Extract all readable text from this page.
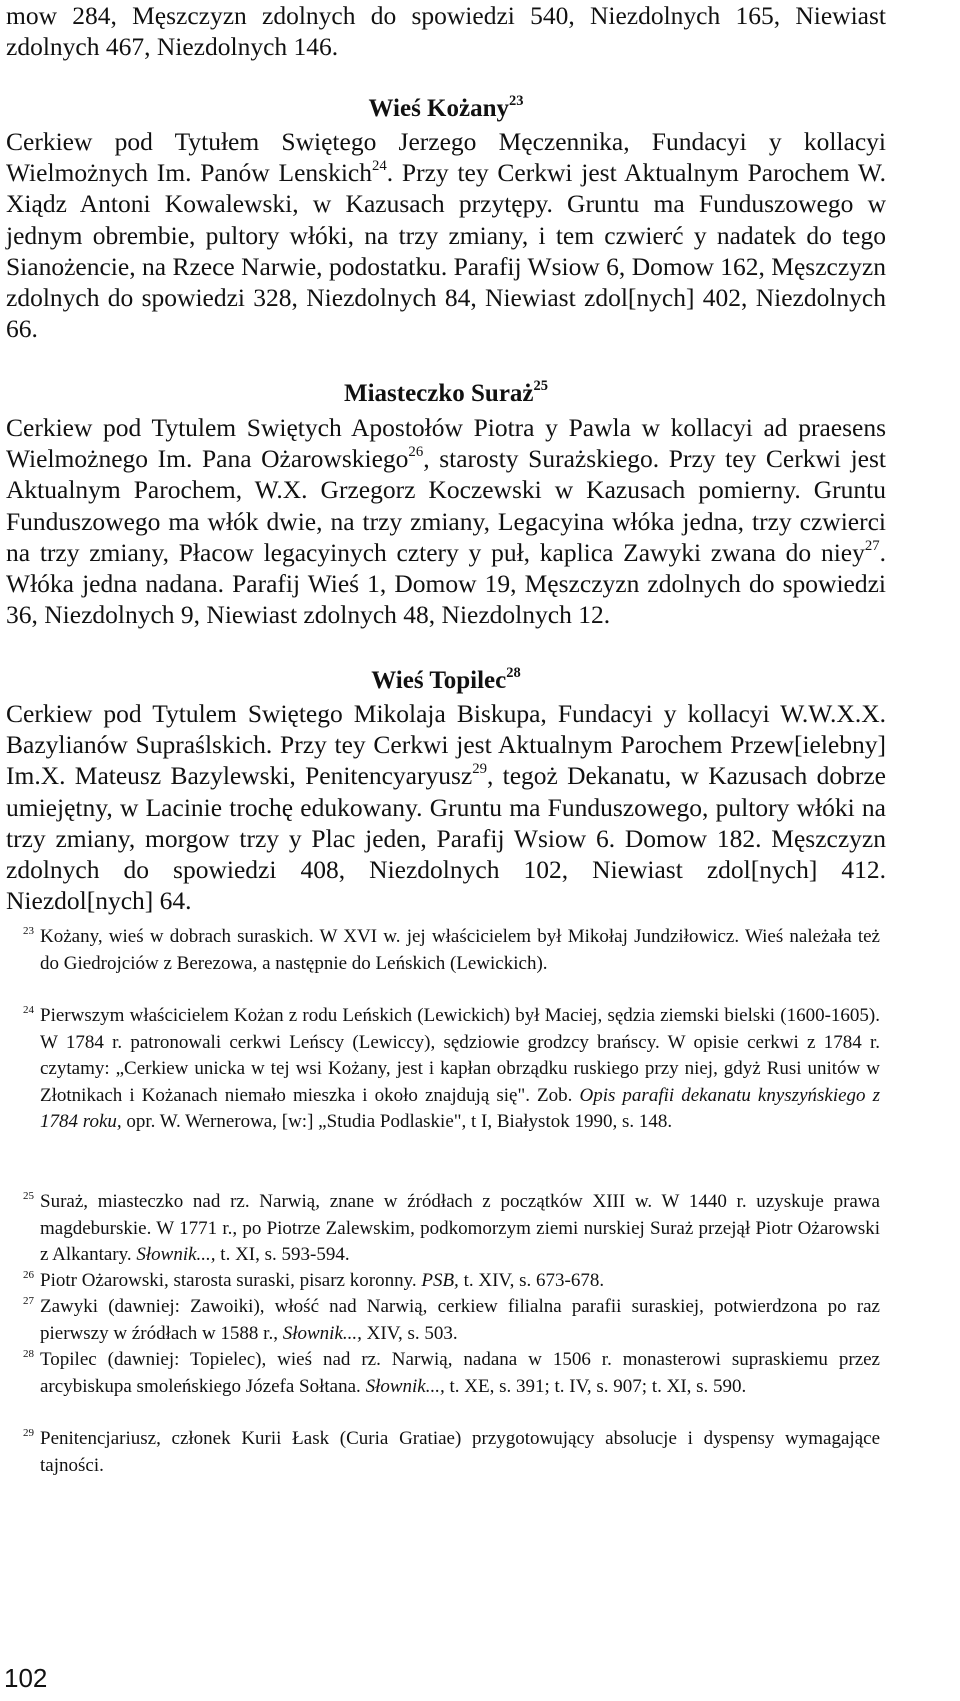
mow 284, Męszczyzn zdolnych do spowiedzi 540, Niezdolnych 165, Niewiast zdolnych 467, Niezdolnych 146.

Wieś Kożany$^{23}$

Cerkiew pod Tytułem Swiętego Jerzego Męczennika, Fundacyi y kollacyi Wielmożnych Im. Panów Lenskich$^{24}$. Przy tey Cerkwi jest Aktualnym Parochem W. Xiądz Antoni Kowalewski, w Kazusach przytępy. Gruntu ma Funduszowego w jednym obrembie, pultory włóki, na trzy zmiany, i tem czwierć y nadatek do tego Sianożencie, na Rzece Narwie, podostatku. Parafij Wsiow 6, Domow 162, Męszczyzn zdolnych do spowiedzi 328, Niezdolnych 84, Niewiast zdol[nych] 402, Niezdolnych 66.

Miasteczko Suraż$^{25}$

Cerkiew pod Tytulem Swiętych Apostołów Piotra y Pawla w kollacyi ad praesens Wielmożnego Im. Pana Ożarowskiego$^{26}$, starosty Surażskiego. Przy tey Cerkwi jest Aktualnym Parochem, W.X. Grzegorz Koczewski w Kazusach pomierny. Gruntu Funduszowego ma włók dwie, na trzy zmiany, Legacyina włóka jedna, trzy czwierci na trzy zmiany, Płacow legacyinych cztery y puł, kaplica Zawyki zwana do niey$^{27}$. Włóka jedna nadana. Parafij Wieś 1, Domow 19, Męszczyzn zdolnych do spowiedzi 36, Niezdolnych 9, Niewiast zdolnych 48, Niezdolnych 12.

Wieś Topilec$^{28}$

Cerkiew pod Tytulem Swiętego Mikolaja Biskupa, Fundacyi y kollacyi W.W.X.X. Bazylianów Supraślskich. Przy tey Cerkwi jest Aktualnym Parochem Przew[ielebny] Im.X. Mateusz Bazylewski, Penitencyaryusz$^{29}$, tegoż Dekanatu, w Kazusach dobrze umiejętny, w Lacinie trochę edukowany. Gruntu ma Funduszowego, pultory włóki na trzy zmiany, morgow trzy y Plac jeden, Parafij Wsiow 6. Domow 182. Męszczyzn zdolnych do spowiedzi 408, Niezdolnych 102, Niewiast zdol[nych] 412. Niezdol[nych] 64.

23 Kożany, wieś w dobrach suraskich. W XVI w. jej właścicielem był Mikołaj Jundziłowicz. Wieś należała też do Giedrojciów z Berezowa, a następnie do Leńskich (Lewickich).
24 Pierwszym właścicielem Kożan z rodu Leńskich (Lewickich) był Maciej, sędzia ziemski bielski (1600-1605). W 1784 r. patronowali cerkwi Leńscy (Lewiccy), sędziowie grodzcy brańscy. W opisie cerkwi z 1784 r. czytamy: „Cerkiew unicka w tej wsi Kożany, jest i kapłan obrządku ruskiego przy niej, gdyż Rusi unitów w Złotnikach i Kożanach niemało mieszka i około znajdują się". Zob. Opis parafii dekanatu knyszyńskiego z 1784 roku, opr. W. Wernerowa, [w:] „Studia Podlaskie", t I, Białystok 1990, s. 148.
25 Suraż, miasteczko nad rz. Narwią, znane w źródłach z początków XIII w. W 1440 r. uzyskuje prawa magdeburskie. W 1771 r., po Piotrze Zalewskim, podkomorzym ziemi nurskiej Suraż przejął Piotr Ożarowski z Alkantary. Słownik..., t. XI, s. 593-594.
26 Piotr Ożarowski, starosta suraski, pisarz koronny. PSB, t. XIV, s. 673-678.
27 Zawyki (dawniej: Zawoiki), włość nad Narwią, cerkiew filialna parafii suraskiej, potwierdzona po raz pierwszy w źródłach w 1588 r., Słownik..., XIV, s. 503.
28 Topilec (dawniej: Topielec), wieś nad rz. Narwią, nadana w 1506 r. monasterowi supraskiemu przez arcybiskupa smoleńskiego Józefa Sołtana. Słownik..., t. XE, s. 391; t. IV, s. 907; t. XI, s. 590.
29 Penitencjariusz, członek Kurii Łask (Curia Gratiae) przygotowujący absolucje i dyspensy wymagające tajności.
102
